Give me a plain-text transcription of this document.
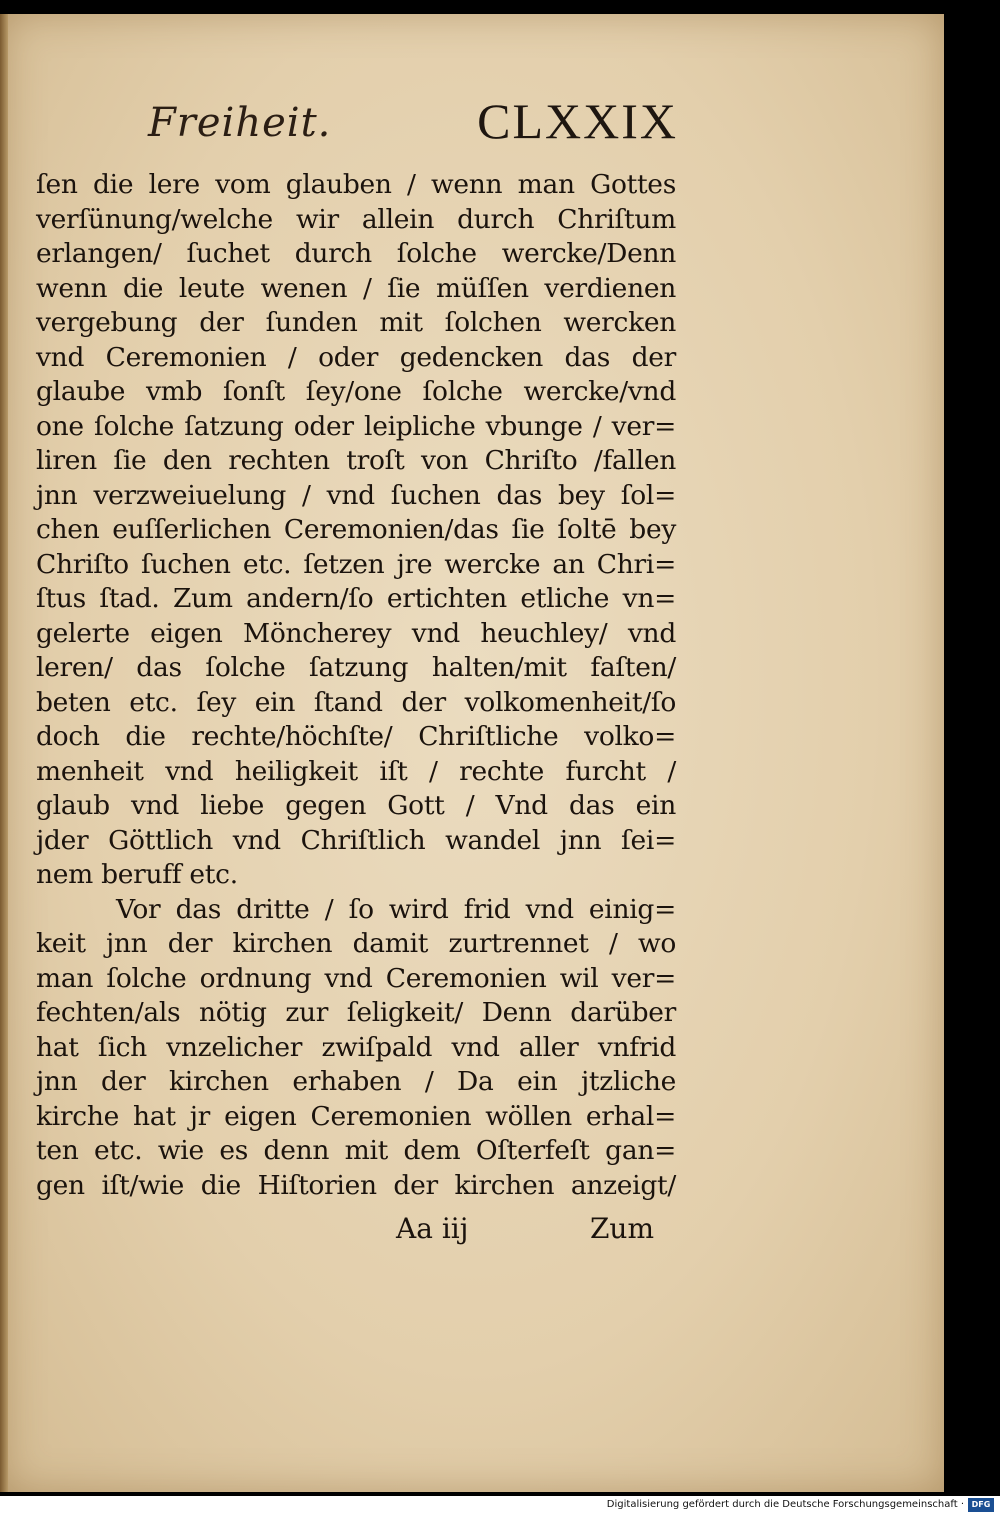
Freiheit.	CLXXIX
ſen die lere vom glauben / wenn man Gottes
verſünung/welche wir allein durch Chriſtum
erlangen/ ſuchet durch ſolche wercke/Denn
wenn die leute wenen / ſie müſſen verdienen
vergebung der ſunden mit ſolchen wercken
vnd Ceremonien / oder gedencken das der
glaube vmb ſonſt ſey/one ſolche wercke/vnd
one ſolche ſatzung oder leipliche vbunge / ver=
liren ſie den rechten troſt von Chriſto /fallen
jnn verzweiuelung / vnd ſuchen das bey ſol=
chen euſſerlichen Ceremonien/das ſie ſoltē bey
Chriſto ſuchen etc. ſetzen jre wercke an Chri=
ſtus ſtad. Zum andern/ſo ertichten etliche vn=
gelerte eigen Möncherey vnd heuchley/ vnd
leren/ das ſolche ſatzung halten/mit faſten/
beten etc. ſey ein ſtand der volkomenheit/ſo
doch die rechte/höchſte/ Chriſtliche volko=
menheit vnd heiligkeit iſt / rechte furcht /
glaub vnd liebe gegen Gott / Vnd das ein
jder Göttlich vnd Chriſtlich wandel jnn ſei=
nem beruff etc.
Vor das dritte / ſo wird frid vnd einig=
keit jnn der kirchen damit zurtrennet / wo
man ſolche ordnung vnd Ceremonien wil ver=
fechten/als nötig zur ſeligkeit/ Denn darüber
hat ſich vnzelicher zwiſpald vnd aller vnfrid
jnn der kirchen erhaben / Da ein jtzliche
kirche hat jr eigen Ceremonien wöllen erhal=
ten etc. wie es denn mit dem Oſterfeſt gan=
gen iſt/wie die Hiſtorien der kirchen anzeigt/
Aa iij	Zum
Digitalisierung gefördert durch die Deutsche Forschungsgemeinschaft · DFG
